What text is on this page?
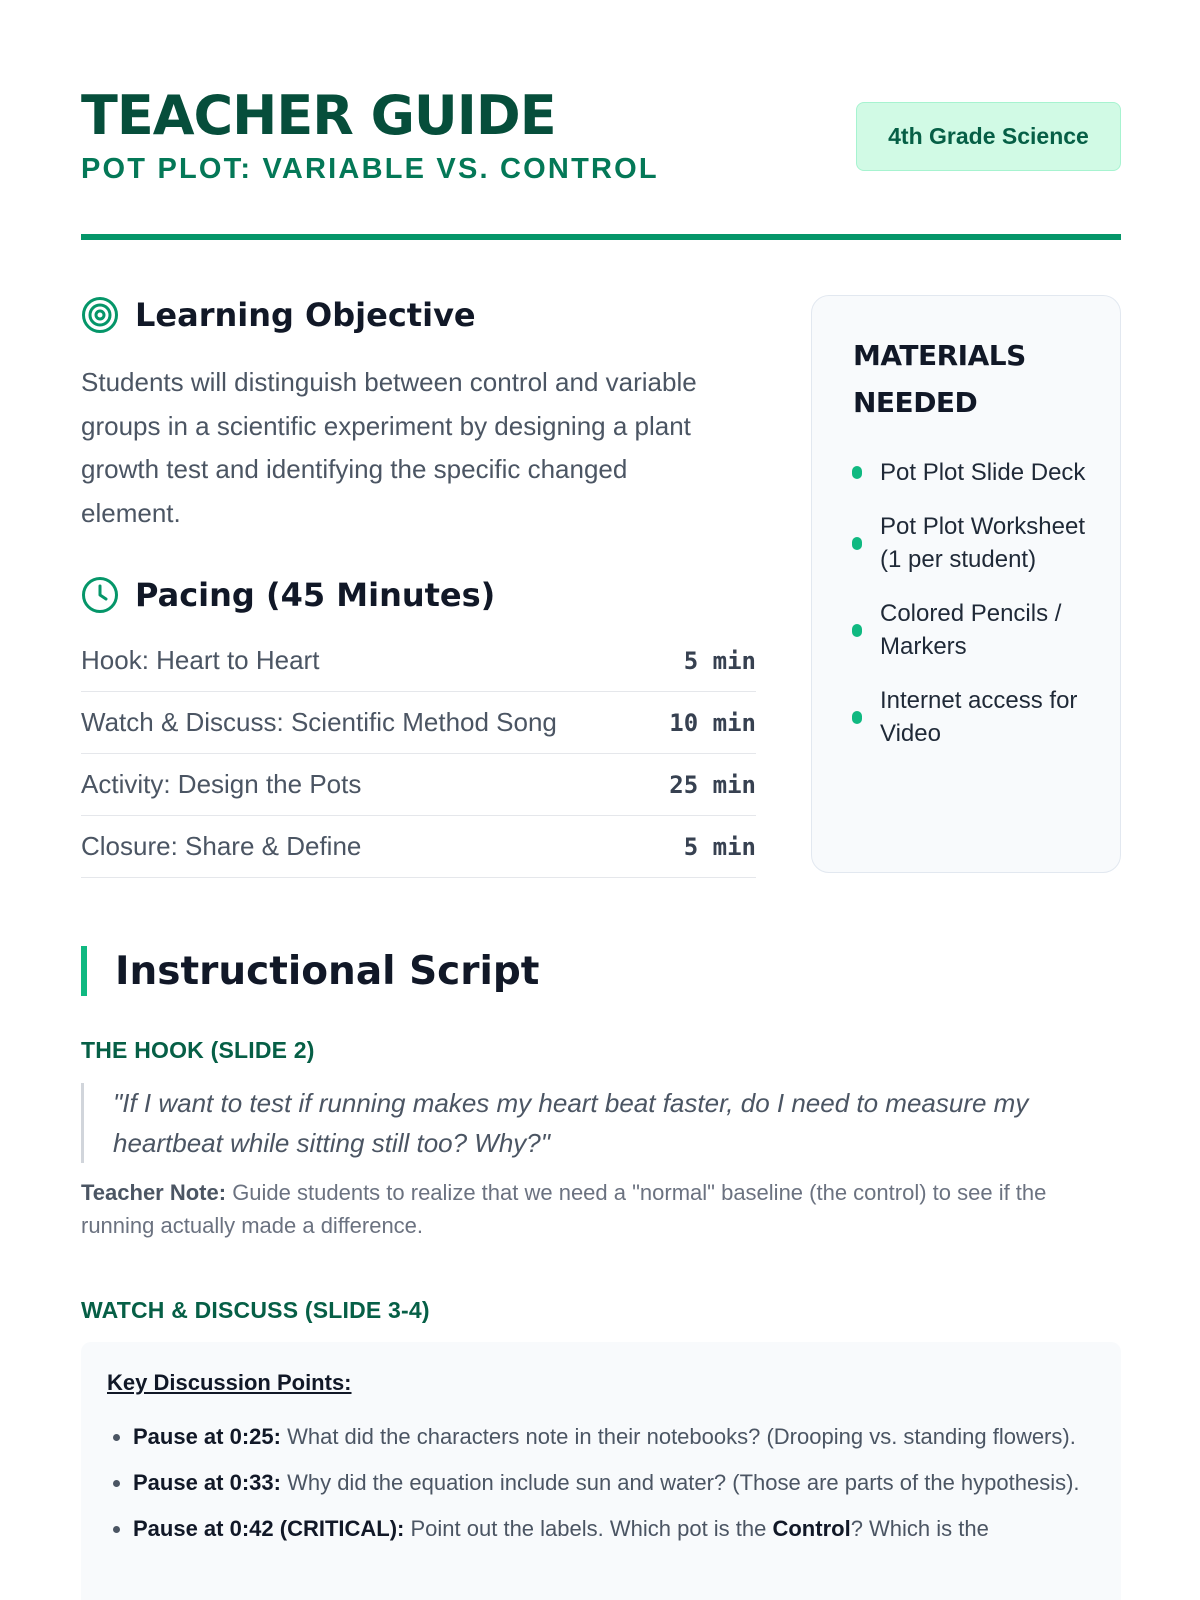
TEACHER GUIDE
POT PLOT: VARIABLE VS. CONTROL
4th Grade Science
Learning Objective

Students will distinguish between control and variable groups in a scientific experiment by designing a plant growth test and identifying the specific changed element.

Pacing (45 Minutes)
Hook: Heart to Heart	5 min
Watch & Discuss: Scientific Method Song	10 min
Activity: Design the Pots	25 min
Closure: Share & Define	5 min
MATERIALS NEEDED
Pot Plot Slide Deck
Pot Plot Worksheet (1 per student)
Colored Pencils / Markers
Internet access for Video
Instructional Script
THE HOOK (SLIDE 2)
"If I want to test if running makes my heart beat faster, do I need to measure my heartbeat while sitting still too? Why?"

Teacher Note: Guide students to realize that we need a "normal" baseline (the control) to see if the running actually made a difference.

WATCH & DISCUSS (SLIDE 3-4)
Key Discussion Points:
• Pause at 0:25: What did the characters note in their notebooks? (Drooping vs. standing flowers).
• Pause at 0:33: Why did the equation include sun and water? (Those are parts of the hypothesis).
• Pause at 0:42 (CRITICAL): Point out the labels. Which pot is the Control? Which is the
